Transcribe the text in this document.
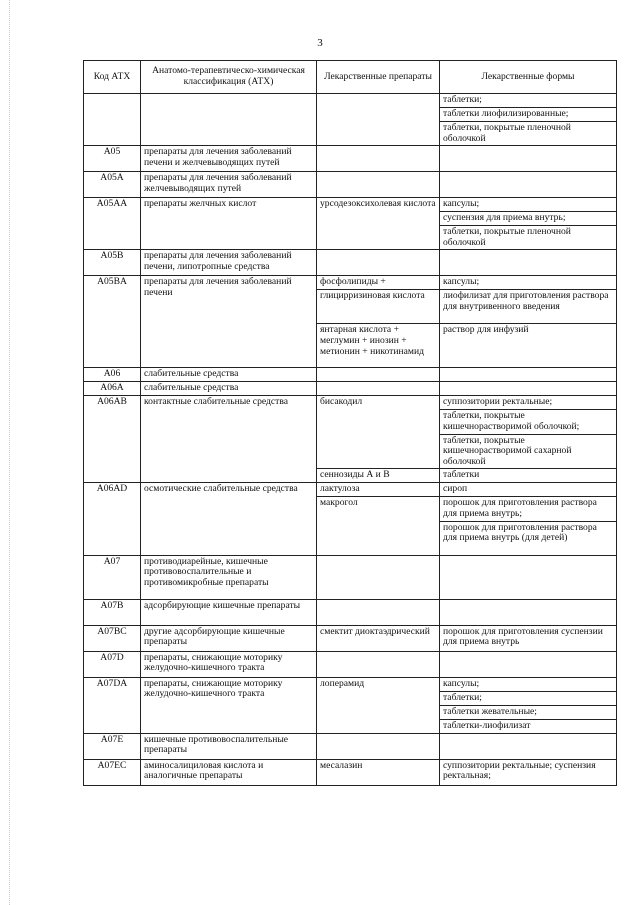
3
Код АТХ	Анатомо-терапевтическо-химическая классификация (АТХ)	Лекарственные препараты	Лекарственные формы
			таблетки;
			таблетки лиофилизированные;
			таблетки, покрытые пленочной оболочкой
A05	препараты для лечения заболеваний печени и желчевыводящих путей		
A05A	препараты для лечения заболеваний желчевыводящих путей		
A05AA	препараты желчных кислот	урсодезоксихолевая кислота	капсулы;
			суспензия для приема внутрь;
			таблетки, покрытые пленочной оболочкой
A05B	препараты для лечения заболеваний печени, липотропные средства		
A05BA	препараты для лечения заболеваний печени	фосфолипиды +	капсулы;
		глицирризиновая кислота	лиофилизат для приготовления раствора для внутривенного введения
		янтарная кислота + меглумин + инозин + метионин + никотинамид	раствор для инфузий
A06	слабительные средства		
A06A	слабительные средства		
A06AB	контактные слабительные средства	бисакодил	суппозитории ректальные;
			таблетки, покрытые кишечнорастворимой оболочкой;
			таблетки, покрытые кишечнорастворимой сахарной оболочкой
		сеннозиды А и В	таблетки
A06AD	осмотические слабительные средства	лактулоза	сироп
		макрогол	порошок для приготовления раствора для приема внутрь;
			порошок для приготовления раствора для приема внутрь (для детей)
A07	противодиарейные, кишечные противовоспалительные и противомикробные препараты		
A07B	адсорбирующие кишечные препараты		
A07BC	другие адсорбирующие кишечные препараты	смектит диоктаэдрический	порошок для приготовления суспензии для приема внутрь
A07D	препараты, снижающие моторику желудочно-кишечного тракта		
A07DA	препараты, снижающие моторику желудочно-кишечного тракта	лоперамид	капсулы;
			таблетки;
			таблетки жевательные;
			таблетки-лиофилизат
A07E	кишечные противовоспалительные препараты		
A07EC	аминосалициловая кислота и аналогичные препараты	месалазин	суппозитории ректальные; суспензия ректальная;
